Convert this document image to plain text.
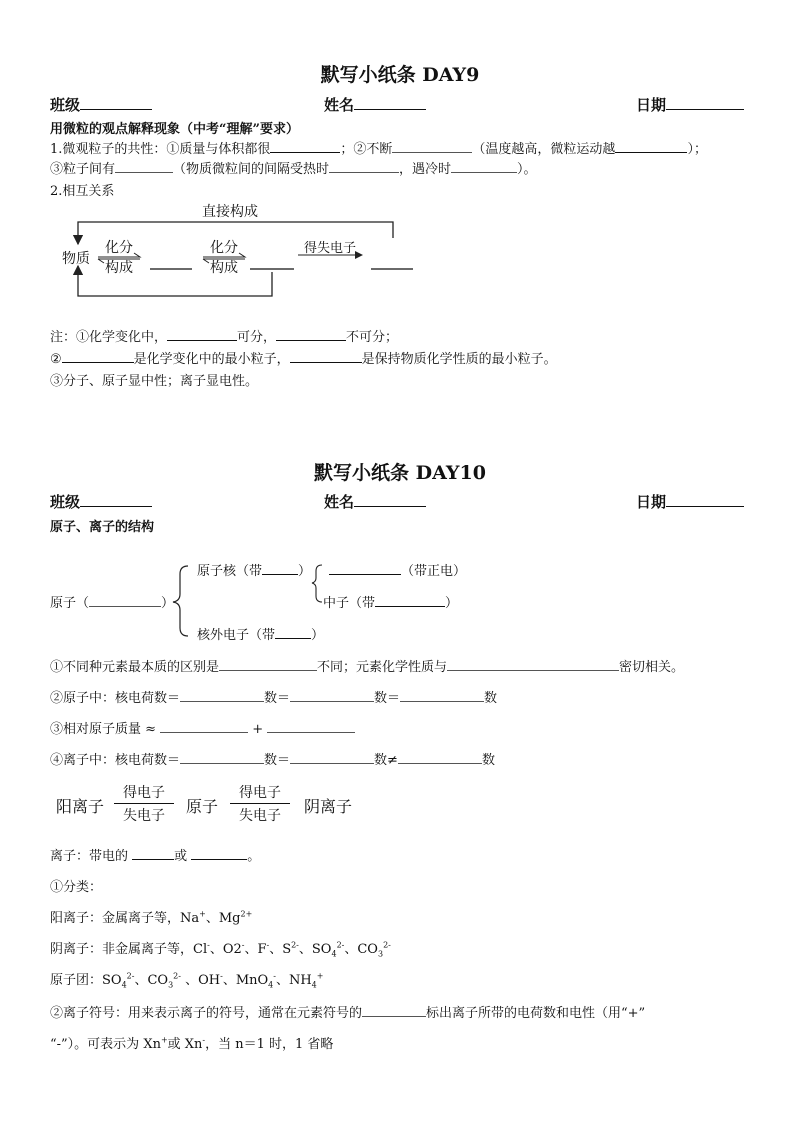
默写小纸条 DAY9
班级	姓名	日期
用微粒的观点解释现象（中考“理解”要求）
1.微观粒子的共性：①质量与体积都很	；②不断	（温度越高，微粒运动越	）；
③粒子间有	（物质微粒间的间隔受热时	，遇冷时	）。
2.相互关系
直接构成
物质
化分
构成
化分
构成
得失电子
注：①化学变化中，	可分，	不可分；
②	是化学变化中的最小粒子，	是保持物质化学性质的最小粒子。
③分子、原子显中性；离子显电性。
默写小纸条 DAY10
班级	姓名	日期
原子、离子的结构
原子（	）
原子核（带	）	（带正电）
中子（带	）
核外电子（带	）
①不同种元素最本质的区别是	不同；元素化学性质与	密切相关。
②原子中：核电荷数＝	数＝	数＝	数
③相对原子质量 ≈	+
④离子中：核电荷数＝	数＝	数≠	数
阳离子
得电子
失电子	原子
得电子
失电子	阴离子
离子：带电的	或	。
①分类：
阳离子：金属离子等，Na+、$Mg^{2+}$
阴离子：非金属离子等，Cl-、O2-、F-、$S^{2-}$、$SO_4^{2-}$、$CO_3^{2-}$
原子团：$SO_4^{2-}$、$CO_3^{2-}$ 、OH-、MnO$_4$-、$NH_4^+$
②离子符号：用来表示离子的符号，通常在元素符号的	标出离子所带的电荷数和电性（用“+”
“-”）。可表示为 Xn+或 Xn-，当 n＝1 时，1 省略
